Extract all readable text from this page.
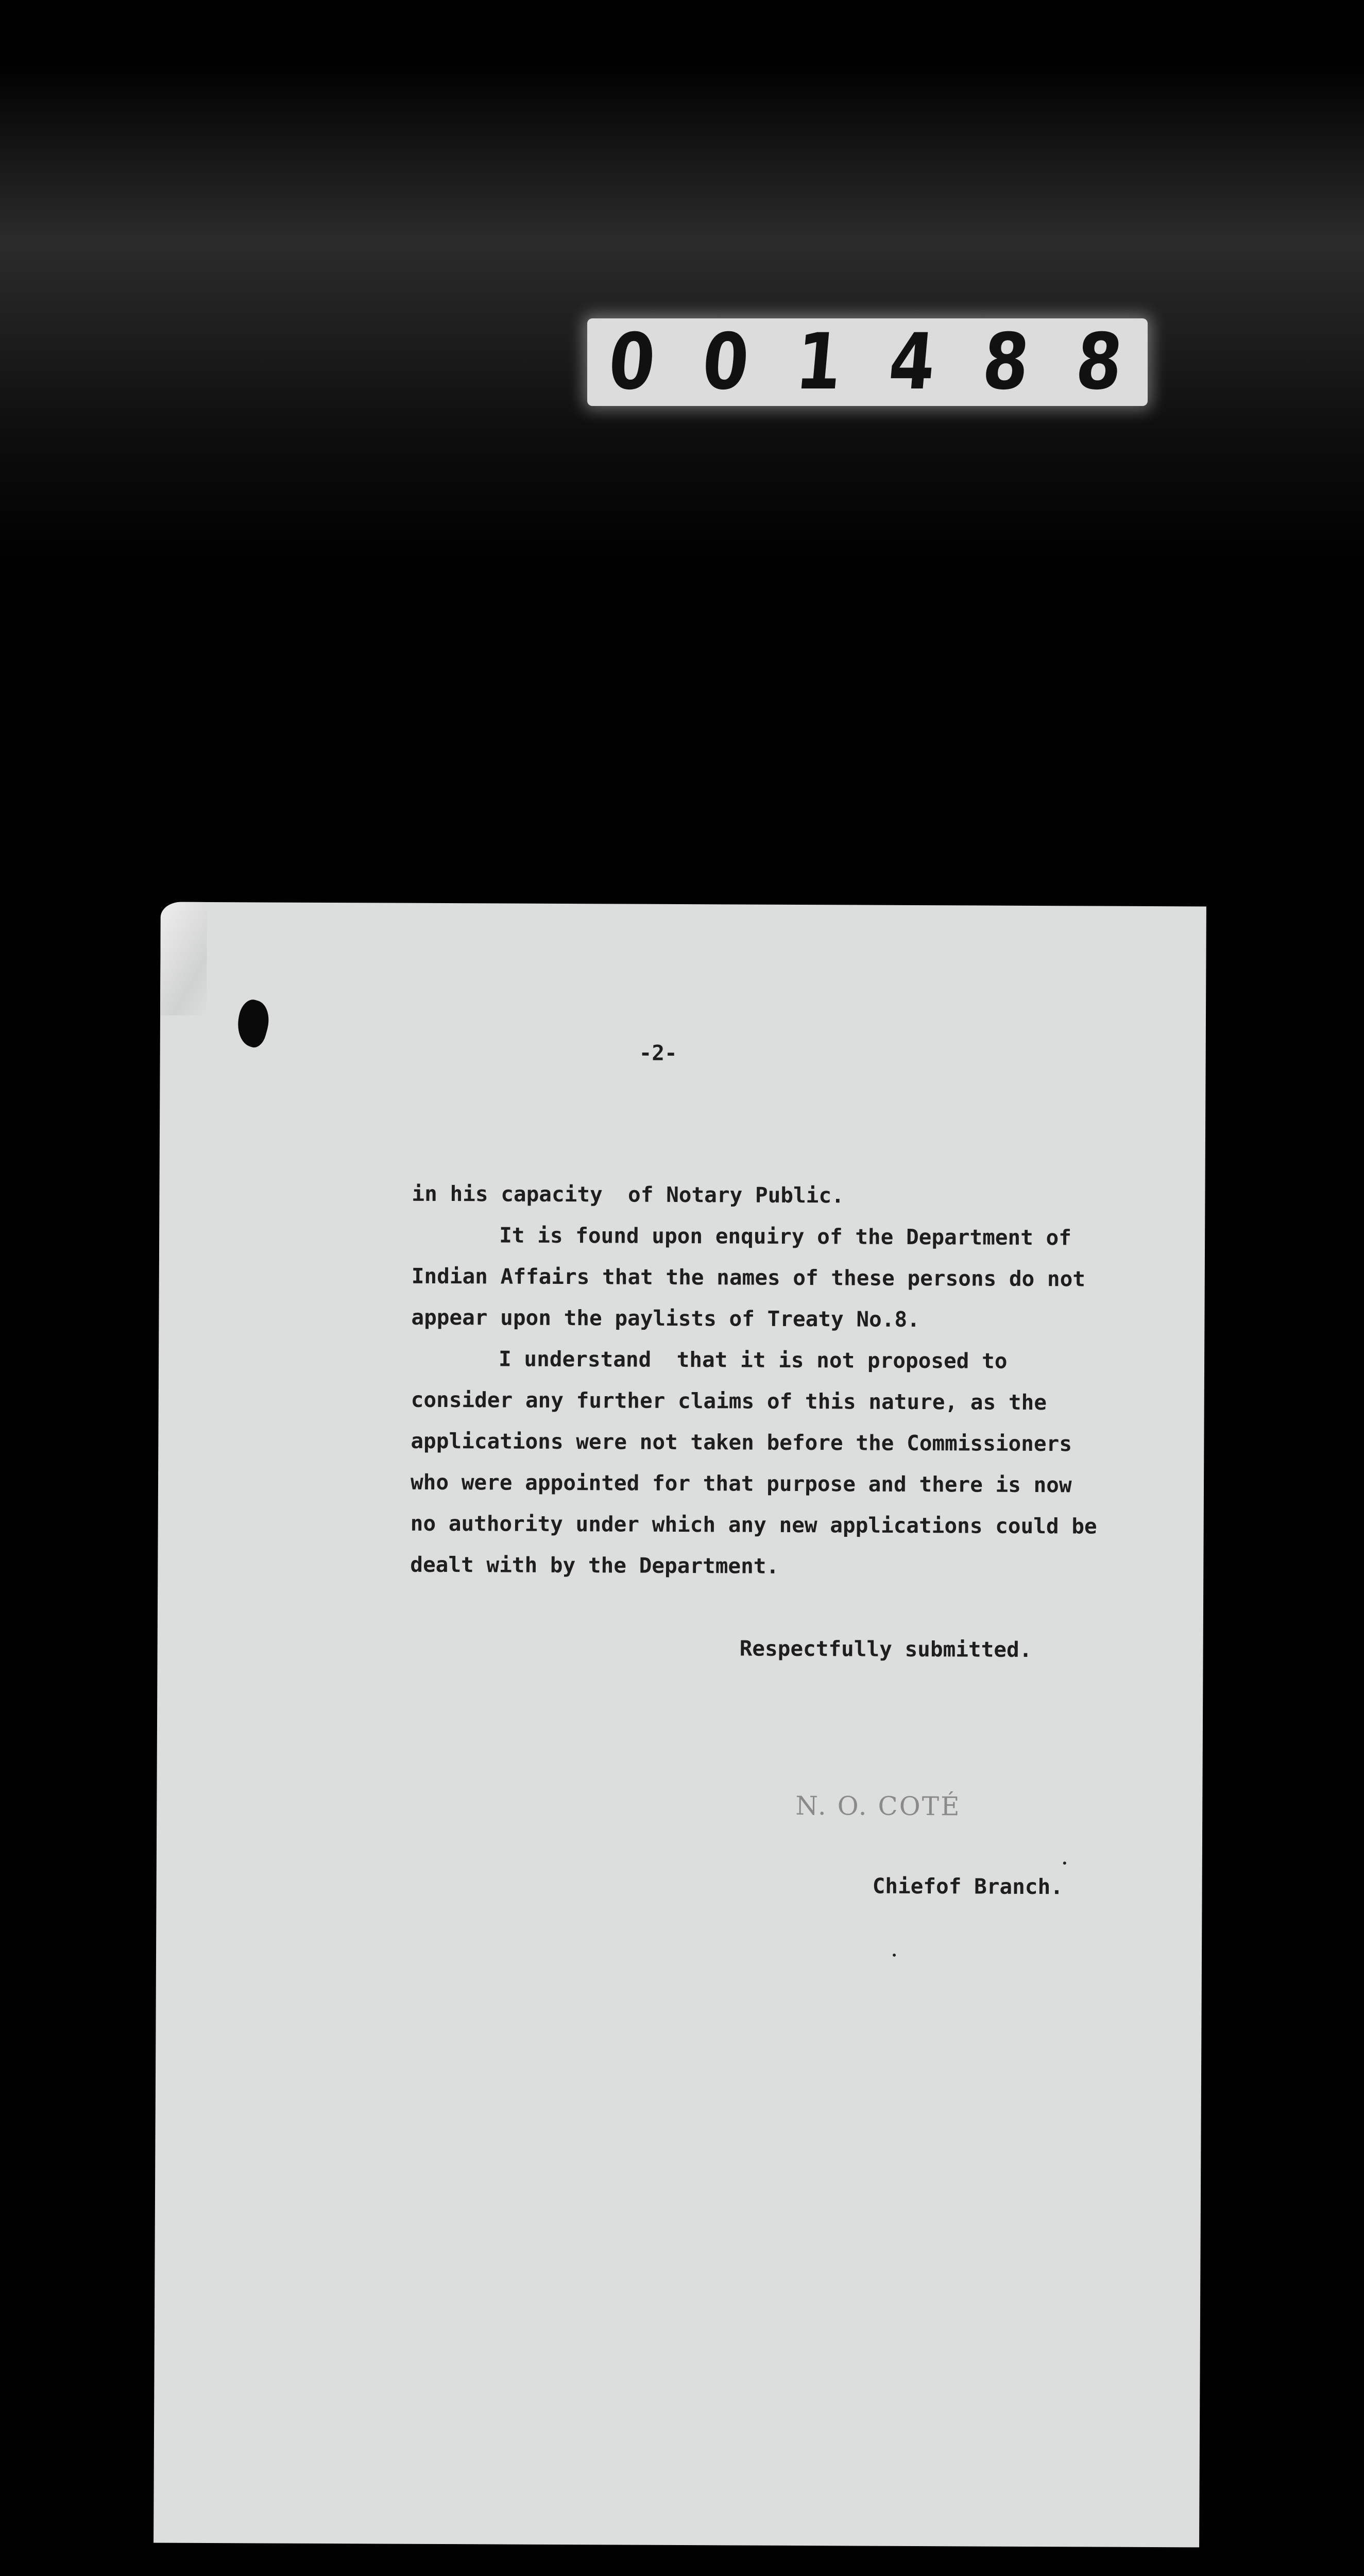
0 0 1 4 8 8
-2-
in his capacity  of Notary Public.
It is found upon enquiry of the Department of
Indian Affairs that the names of these persons do not
appear upon the paylists of Treaty No.8.
I understand  that it is not proposed to
consider any further claims of this nature, as the
applications were not taken before the Commissioners
who were appointed for that purpose and there is now
no authority under which any new applications could be
dealt with by the Department.
Respectfully submitted.
N. O. COTÉ
Chiefof Branch.
